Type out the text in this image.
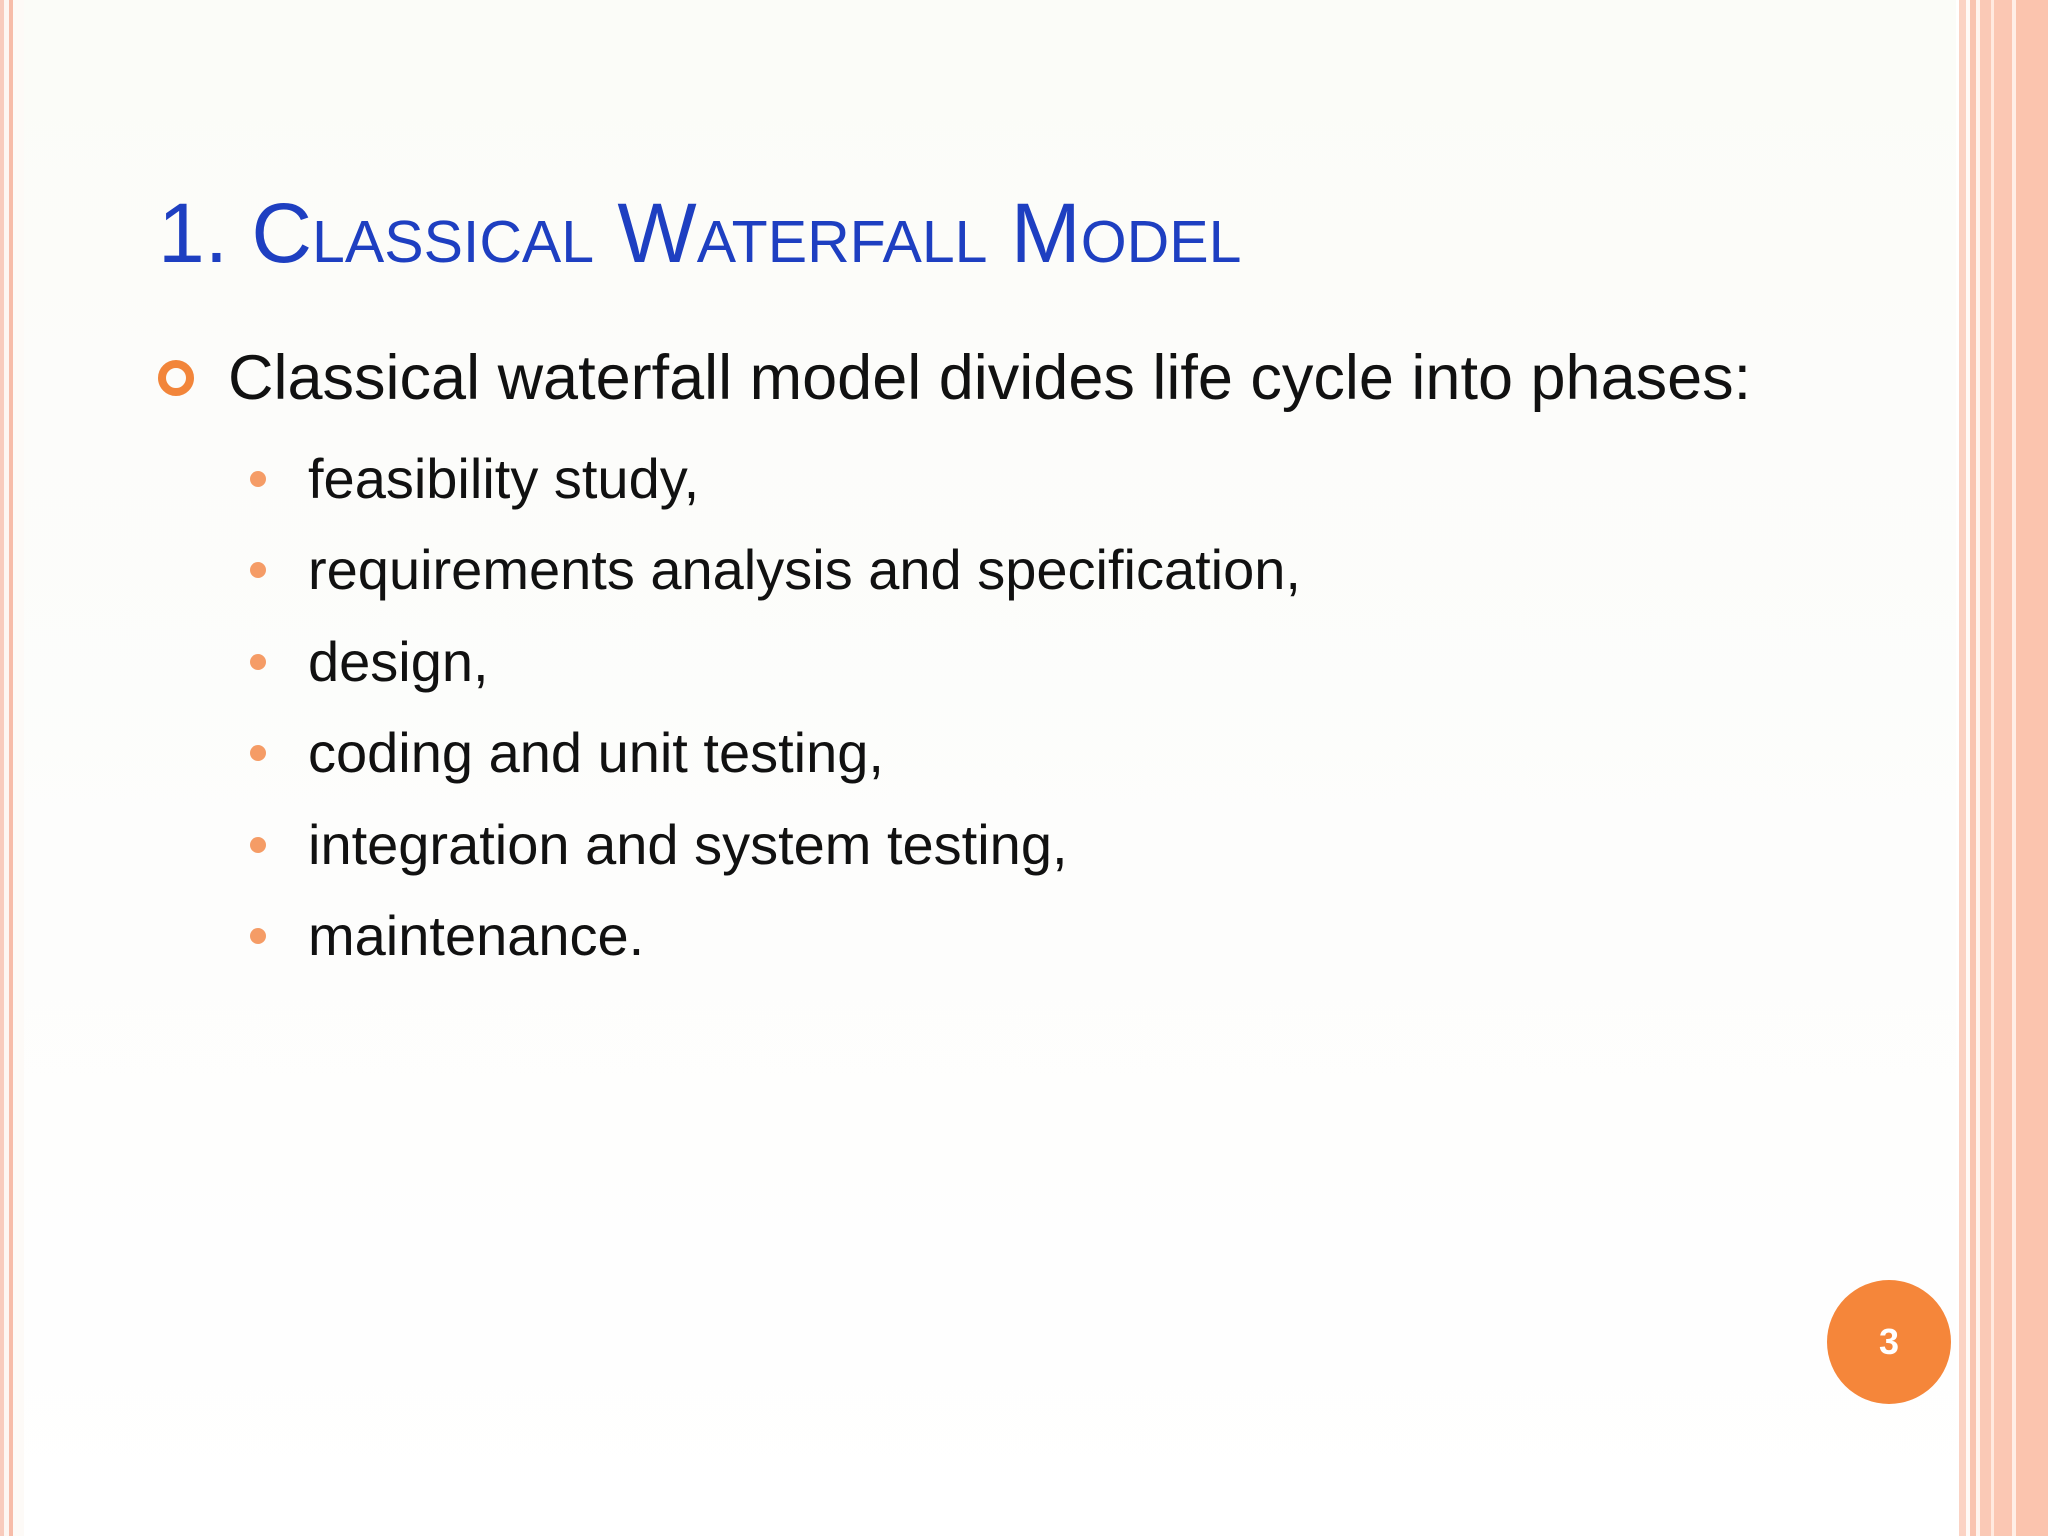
1. Classical Waterfall Model
Classical waterfall model divides life cycle into phases:
feasibility study,
requirements analysis and specification,
design,
coding and unit testing,
integration and system testing,
maintenance.
3
